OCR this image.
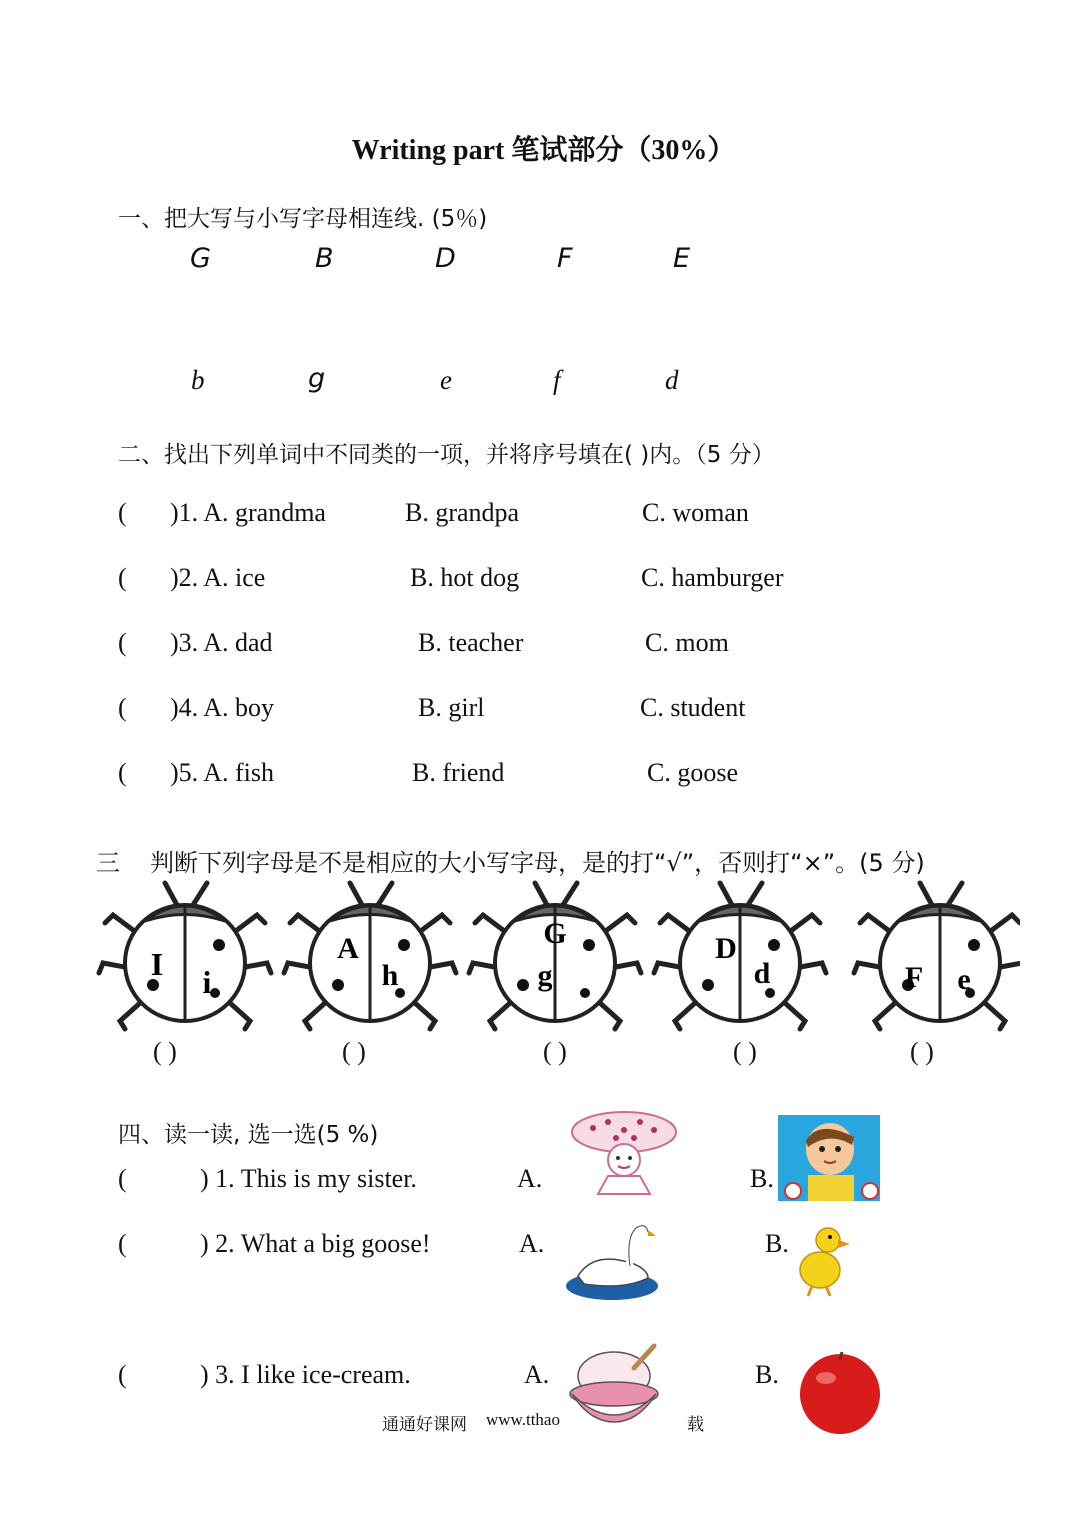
Writing part 笔试部分（30%）
一、把大写与小写字母相连线. (5％)
G	B	D	F	E
b	g	e	f	d
二、找出下列单词中不同类的一项，并将序号填在( )内。（5 分）
( )1. A. grandma	B. grandpa	C. woman
( )2. A. ice	B. hot dog	C. hamburger
( )3. A. dad	B. teacher	C. mom
( )4. A. boy	B. girl	C. student
( )5. A. fish	B. friend	C. goose
三 判断下列字母是不是相应的大小写字母，是的打“√”，否则打“×”。(5 分)
I i
A
h
G
g
D
d	F e
( )	( )	( )	( )	( )
四、读一读, 选一选(5 %)
(	) 1. This is my sister.	A.	B.
(	) 2. What a big goose!	A.	B.
(	) 3. I like ice-cream.	A.
通通好课网 www.tthao	载
B.
